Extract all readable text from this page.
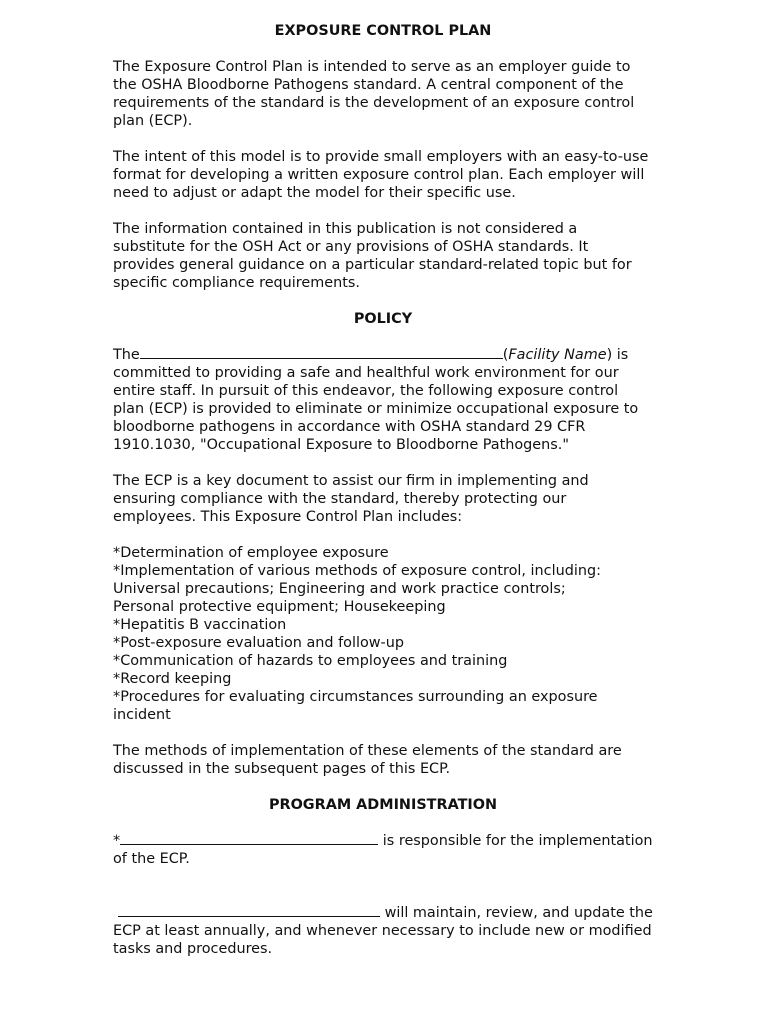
EXPOSURE CONTROL PLAN

The Exposure Control Plan is intended to serve as an employer guide to the OSHA Bloodborne Pathogens standard. A central component of the requirements of the standard is the development of an exposure control plan (ECP).

The intent of this model is to provide small employers with an easy-to-use format for developing a written exposure control plan. Each employer will need to adjust or adapt the model for their specific use.

The information contained in this publication is not considered a substitute for the OSH Act or any provisions of OSHA standards. It provides general guidance on a particular standard-related topic but for specific compliance requirements.

POLICY

The	(Facility Name) is committed to providing a safe and healthful work environment for our entire staff. In pursuit of this endeavor, the following exposure control plan (ECP) is provided to eliminate or minimize occupational exposure to bloodborne pathogens in accordance with OSHA standard 29 CFR 1910.1030, "Occupational Exposure to Bloodborne Pathogens."

The ECP is a key document to assist our firm in implementing and ensuring compliance with the standard, thereby protecting our employees. This Exposure Control Plan includes:

*Determination of employee exposure
*Implementation of various methods of exposure control, including:
Universal precautions; Engineering and work practice controls;
Personal protective equipment; Housekeeping
*Hepatitis B vaccination
*Post-exposure evaluation and follow-up
*Communication of hazards to employees and training
*Record keeping
*Procedures for evaluating circumstances surrounding an exposure incident

The methods of implementation of these elements of the standard are discussed in the subsequent pages of this ECP.

PROGRAM ADMINISTRATION

*	is responsible for the implementation of the ECP.

will maintain, review, and update the ECP at least annually, and whenever necessary to include new or modified tasks and procedures.
